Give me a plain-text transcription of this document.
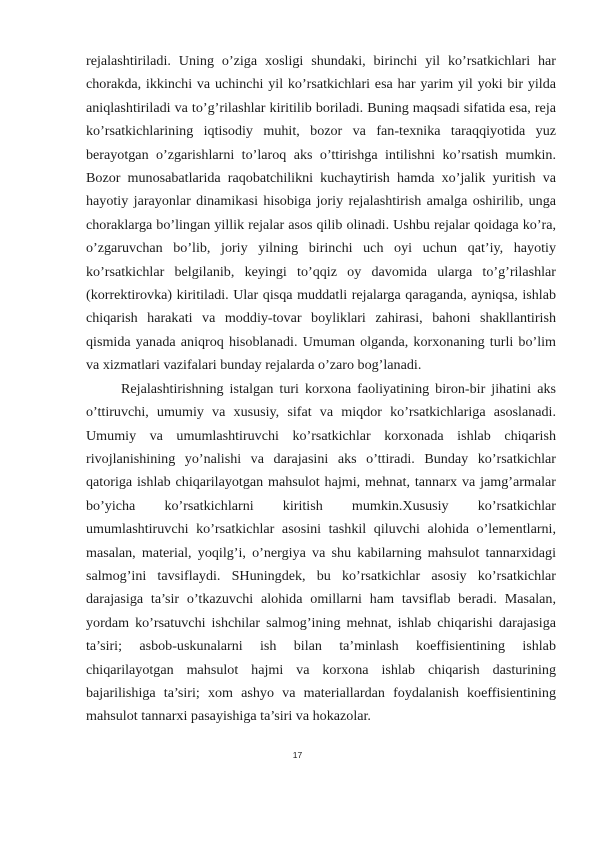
rejalashtiriladi. Uning o’ziga xosligi shundaki, birinchi yil ko’rsatkichlari har chorakda, ikkinchi va uchinchi yil ko’rsatkichlari esa har yarim yil yoki bir yilda aniqlashtiriladi va to’g’rilashlar kiritilib boriladi. Buning maqsadi sifatida esa, reja ko’rsatkichlarining iqtisodiy muhit, bozor va fan-texnika taraqqiyotida yuz berayotgan o’zgarishlarni to’laroq aks o’ttirishga intilishni ko’rsatish mumkin. Bozor munosabatlarida raqobatchilikni kuchaytirish hamda xo’jalik yuritish va hayotiy jarayonlar dinamikasi hisobiga joriy rejalashtirish amalga oshirilib, unga choraklarga bo’lingan yillik rejalar asos qilib olinadi. Ushbu rejalar qoidaga ko’ra, o’zgaruvchan bo’lib, joriy yilning birinchi uch oyi uchun qat’iy, hayotiy ko’rsatkichlar belgilanib, keyingi to’qqiz oy davomida ularga to’g’rilashlar (korrektirovka) kiritiladi. Ular qisqa muddatli rejalarga qaraganda, ayniqsa, ishlab chiqarish harakati va moddiy-tovar boyliklari zahirasi, bahoni shakllantirish qismida yanada aniqroq hisoblanadi. Umuman olganda, korxonaning turli bo’lim va xizmatlari vazifalari bunday rejalarda o’zaro bog’lanadi.

Rejalashtirishning istalgan turi korxona faoliyatining biron-bir jihatini aks o’ttiruvchi, umumiy va xususiy, sifat va miqdor ko’rsatkichlariga asoslanadi. Umumiy va umumlashtiruvchi ko’rsatkichlar korxonada ishlab chiqarish rivojlanishining yo’nalishi va darajasini aks o’ttiradi. Bunday ko’rsatkichlar qatoriga ishlab chiqarilayotgan mahsulot hajmi, mehnat, tannarx va jamg’armalar bo’yicha ko’rsatkichlarni kiritish mumkin.Xususiy ko’rsatkichlar umumlashtiruvchi ko’rsatkichlar asosini tashkil qiluvchi alohida o’lementlarni, masalan, material, yoqilg’i, o’nergiya va shu kabilarning mahsulot tannarxidagi salmog’ini tavsiflaydi. SHuningdek, bu ko’rsatkichlar asosiy ko’rsatkichlar darajasiga ta’sir o’tkazuvchi alohida omillarni ham tavsiflab beradi. Masalan, yordam ko’rsatuvchi ishchilar salmog’ining mehnat, ishlab chiqarishi darajasiga ta’siri; asbob-uskunalarni ish bilan ta’minlash koeffisientining ishlab chiqarilayotgan mahsulot hajmi va korxona ishlab chiqarish dasturining bajarilishiga ta’siri; xom ashyo va materiallardan foydalanish koeffisientining mahsulot tannarxi pasayishiga ta’siri va hokazolar.

17
